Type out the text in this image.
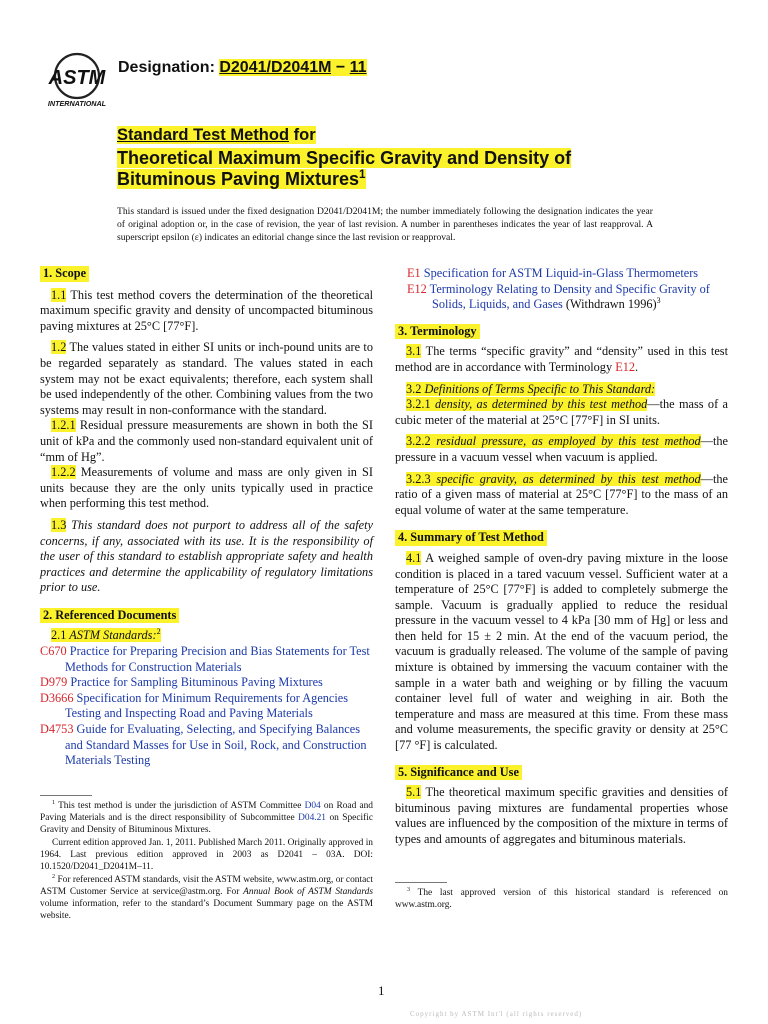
ASTM
INTERNATIONAL
Designation: D2041/D2041M − 11
Standard Test Method for
Theoretical Maximum Specific Gravity and Density of
Bituminous Paving Mixtures$^1$

This standard is issued under the fixed designation D2041/D2041M; the number immediately following the designation indicates the year of original adoption or, in the case of revision, the year of last revision. A number in parentheses indicates the year of last reapproval. A superscript epsilon (ε) indicates an editorial change since the last revision or reapproval.

1. Scope

1.1 This test method covers the determination of the theoretical maximum specific gravity and density of uncompacted bituminous paving mixtures at 25°C [77°F].

1.2 The values stated in either SI units or inch-pound units are to be regarded separately as standard. The values stated in each system may not be exact equivalents; therefore, each system shall be used independently of the other. Combining values from the two systems may result in non-conformance with the standard.

1.2.1 Residual pressure measurements are shown in both the SI unit of kPa and the commonly used non-standard equivalent unit of “mm of Hg”.

1.2.2 Measurements of volume and mass are only given in SI units because they are the only units typically used in practice when performing this test method.

1.3 This standard does not purport to address all of the safety concerns, if any, associated with its use. It is the responsibility of the user of this standard to establish appropriate safety and health practices and determine the applicability of regulatory limitations prior to use.

2. Referenced Documents

2.1 ASTM Standards:$^2$

C670 Practice for Preparing Precision and Bias Statements for Test Methods for Construction Materials

D979 Practice for Sampling Bituminous Paving Mixtures

D3666 Specification for Minimum Requirements for Agencies Testing and Inspecting Road and Paving Materials

D4753 Guide for Evaluating, Selecting, and Specifying Balances and Standard Masses for Use in Soil, Rock, and Construction Materials Testing

$^1$ This test method is under the jurisdiction of ASTM Committee D04 on Road and Paving Materials and is the direct responsibility of Subcommittee D04.21 on Specific Gravity and Density of Bituminous Mixtures.

Current edition approved Jan. 1, 2011. Published March 2011. Originally approved in 1964. Last previous edition approved in 2003 as D2041 – 03A. DOI: 10.1520/D2041_D2041M–11.

$^2$ For referenced ASTM standards, visit the ASTM website, www.astm.org, or contact ASTM Customer Service at service@astm.org. For Annual Book of ASTM Standards volume information, refer to the standard’s Document Summary page on the ASTM website.

E1 Specification for ASTM Liquid-in-Glass Thermometers

E12 Terminology Relating to Density and Specific Gravity of Solids, Liquids, and Gases (Withdrawn 1996)$^3$

3. Terminology

3.1 The terms “specific gravity” and “density” used in this test method are in accordance with Terminology E12.

3.2 Definitions of Terms Specific to This Standard:

3.2.1 density, as determined by this test method—the mass of a cubic meter of the material at 25°C [77°F] in SI units.

3.2.2 residual pressure, as employed by this test method—the pressure in a vacuum vessel when vacuum is applied.

3.2.3 specific gravity, as determined by this test method—the ratio of a given mass of material at 25°C [77°F] to the mass of an equal volume of water at the same temperature.

4. Summary of Test Method

4.1 A weighed sample of oven-dry paving mixture in the loose condition is placed in a tared vacuum vessel. Sufficient water at a temperature of 25°C [77°F] is added to completely submerge the sample. Vacuum is gradually applied to reduce the residual pressure in the vacuum vessel to 4 kPa [30 mm of Hg] or less and then held for 15 ± 2 min. At the end of the vacuum period, the vacuum is gradually released. The volume of the sample of paving mixture is obtained by immersing the vacuum container with the sample in a water bath and weighing or by filling the vacuum container level full of water and weighing in air. Both the temperature and mass are measured at this time. From these mass and volume measurements, the specific gravity or density at 25°C [77 °F] is calculated.

5. Significance and Use

5.1 The theoretical maximum specific gravities and densities of bituminous paving mixtures are fundamental properties whose values are influenced by the composition of the mixture in terms of types and amounts of aggregates and bituminous materials.

$^3$ The last approved version of this historical standard is referenced on www.astm.org.

1
Copyright by ASTM Int'l (all rights reserved)
